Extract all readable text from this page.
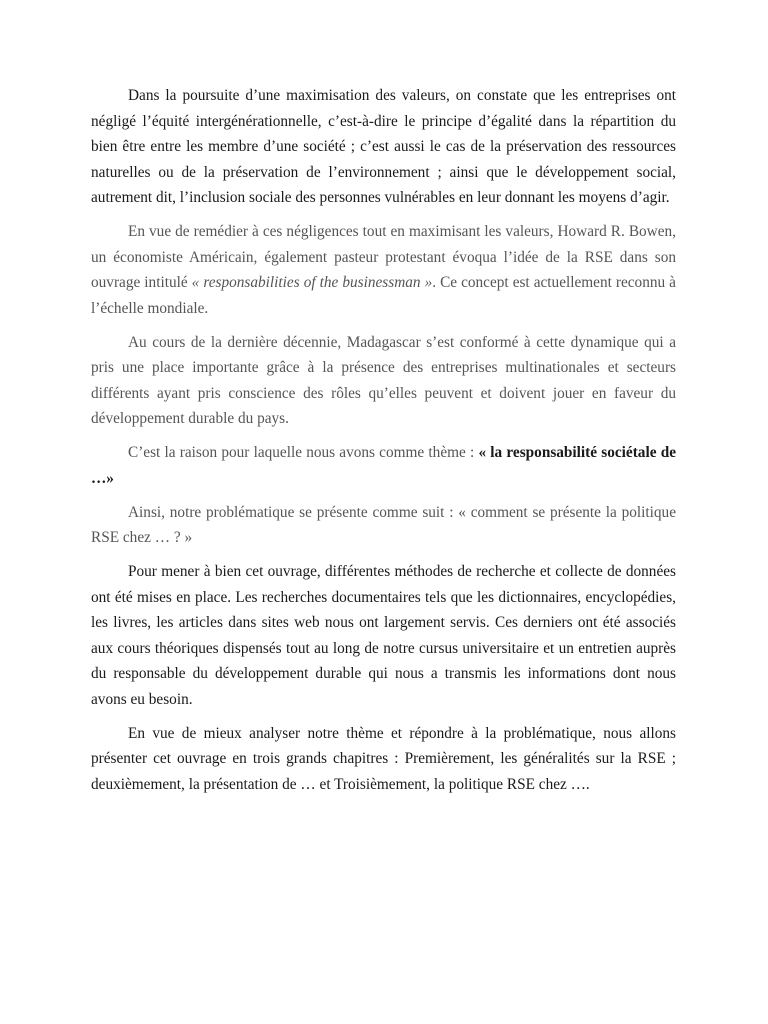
Dans la poursuite d’une maximisation des valeurs, on constate que les entreprises ont négligé l’équité intergénérationnelle, c’est-à-dire le principe d’égalité dans la répartition du bien être entre les membre d’une société ; c’est aussi le cas de la préservation des ressources naturelles ou de la préservation de l’environnement ; ainsi que le développement social, autrement dit, l’inclusion sociale des personnes vulnérables en leur donnant les moyens d’agir.

En vue de remédier à ces négligences tout en maximisant les valeurs, Howard R. Bowen, un économiste Américain, également pasteur protestant évoqua l’idée de la RSE dans son ouvrage intitulé « responsabilities of the businessman ». Ce concept est actuellement reconnu à l’échelle mondiale.

Au cours de la dernière décennie, Madagascar s’est conformé à cette dynamique qui a pris une place importante grâce à la présence des entreprises multinationales et secteurs différents ayant pris conscience des rôles qu’elles peuvent et doivent jouer en faveur du développement durable du pays.

C’est la raison pour laquelle nous avons comme thème : « la responsabilité sociétale de …»

Ainsi, notre problématique se présente comme suit : « comment se présente la politique RSE chez … ? »

Pour mener à bien cet ouvrage, différentes méthodes de recherche et collecte de données ont été mises en place. Les recherches documentaires tels que les dictionnaires, encyclopédies, les livres, les articles dans sites web nous ont largement servis. Ces derniers ont été associés aux cours théoriques dispensés tout au long de notre cursus universitaire et un entretien auprès du responsable du développement durable qui nous a transmis les informations dont nous avons eu besoin.

En vue de mieux analyser notre thème et répondre à la problématique, nous allons présenter cet ouvrage en trois grands chapitres : Premièrement, les généralités sur la RSE ; deuxièmement, la présentation de … et Troisièmement, la politique RSE chez ….
